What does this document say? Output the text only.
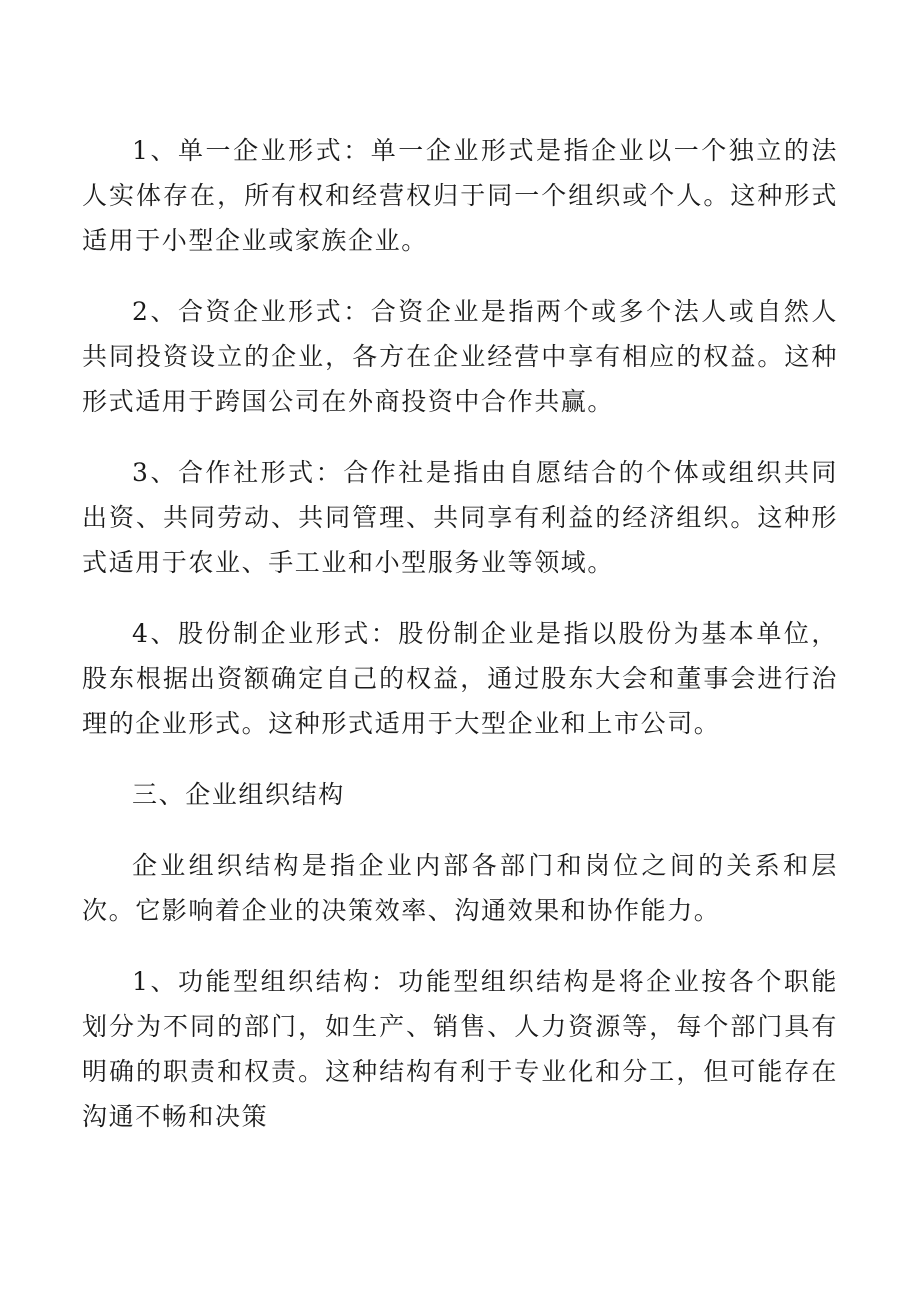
1、单一企业形式：单一企业形式是指企业以一个独立的法人实体存在，所有权和经营权归于同一个组织或个人。这种形式适用于小型企业或家族企业。

2、合资企业形式：合资企业是指两个或多个法人或自然人共同投资设立的企业，各方在企业经营中享有相应的权益。这种形式适用于跨国公司在外商投资中合作共赢。

3、合作社形式：合作社是指由自愿结合的个体或组织共同出资、共同劳动、共同管理、共同享有利益的经济组织。这种形式适用于农业、手工业和小型服务业等领域。

4、股份制企业形式：股份制企业是指以股份为基本单位，股东根据出资额确定自己的权益，通过股东大会和董事会进行治理的企业形式。这种形式适用于大型企业和上市公司。

三、企业组织结构

企业组织结构是指企业内部各部门和岗位之间的关系和层次。它影响着企业的决策效率、沟通效果和协作能力。

1、功能型组织结构：功能型组织结构是将企业按各个职能划分为不同的部门，如生产、销售、人力资源等，每个部门具有明确的职责和权责。这种结构有利于专业化和分工，但可能存在沟通不畅和决策
